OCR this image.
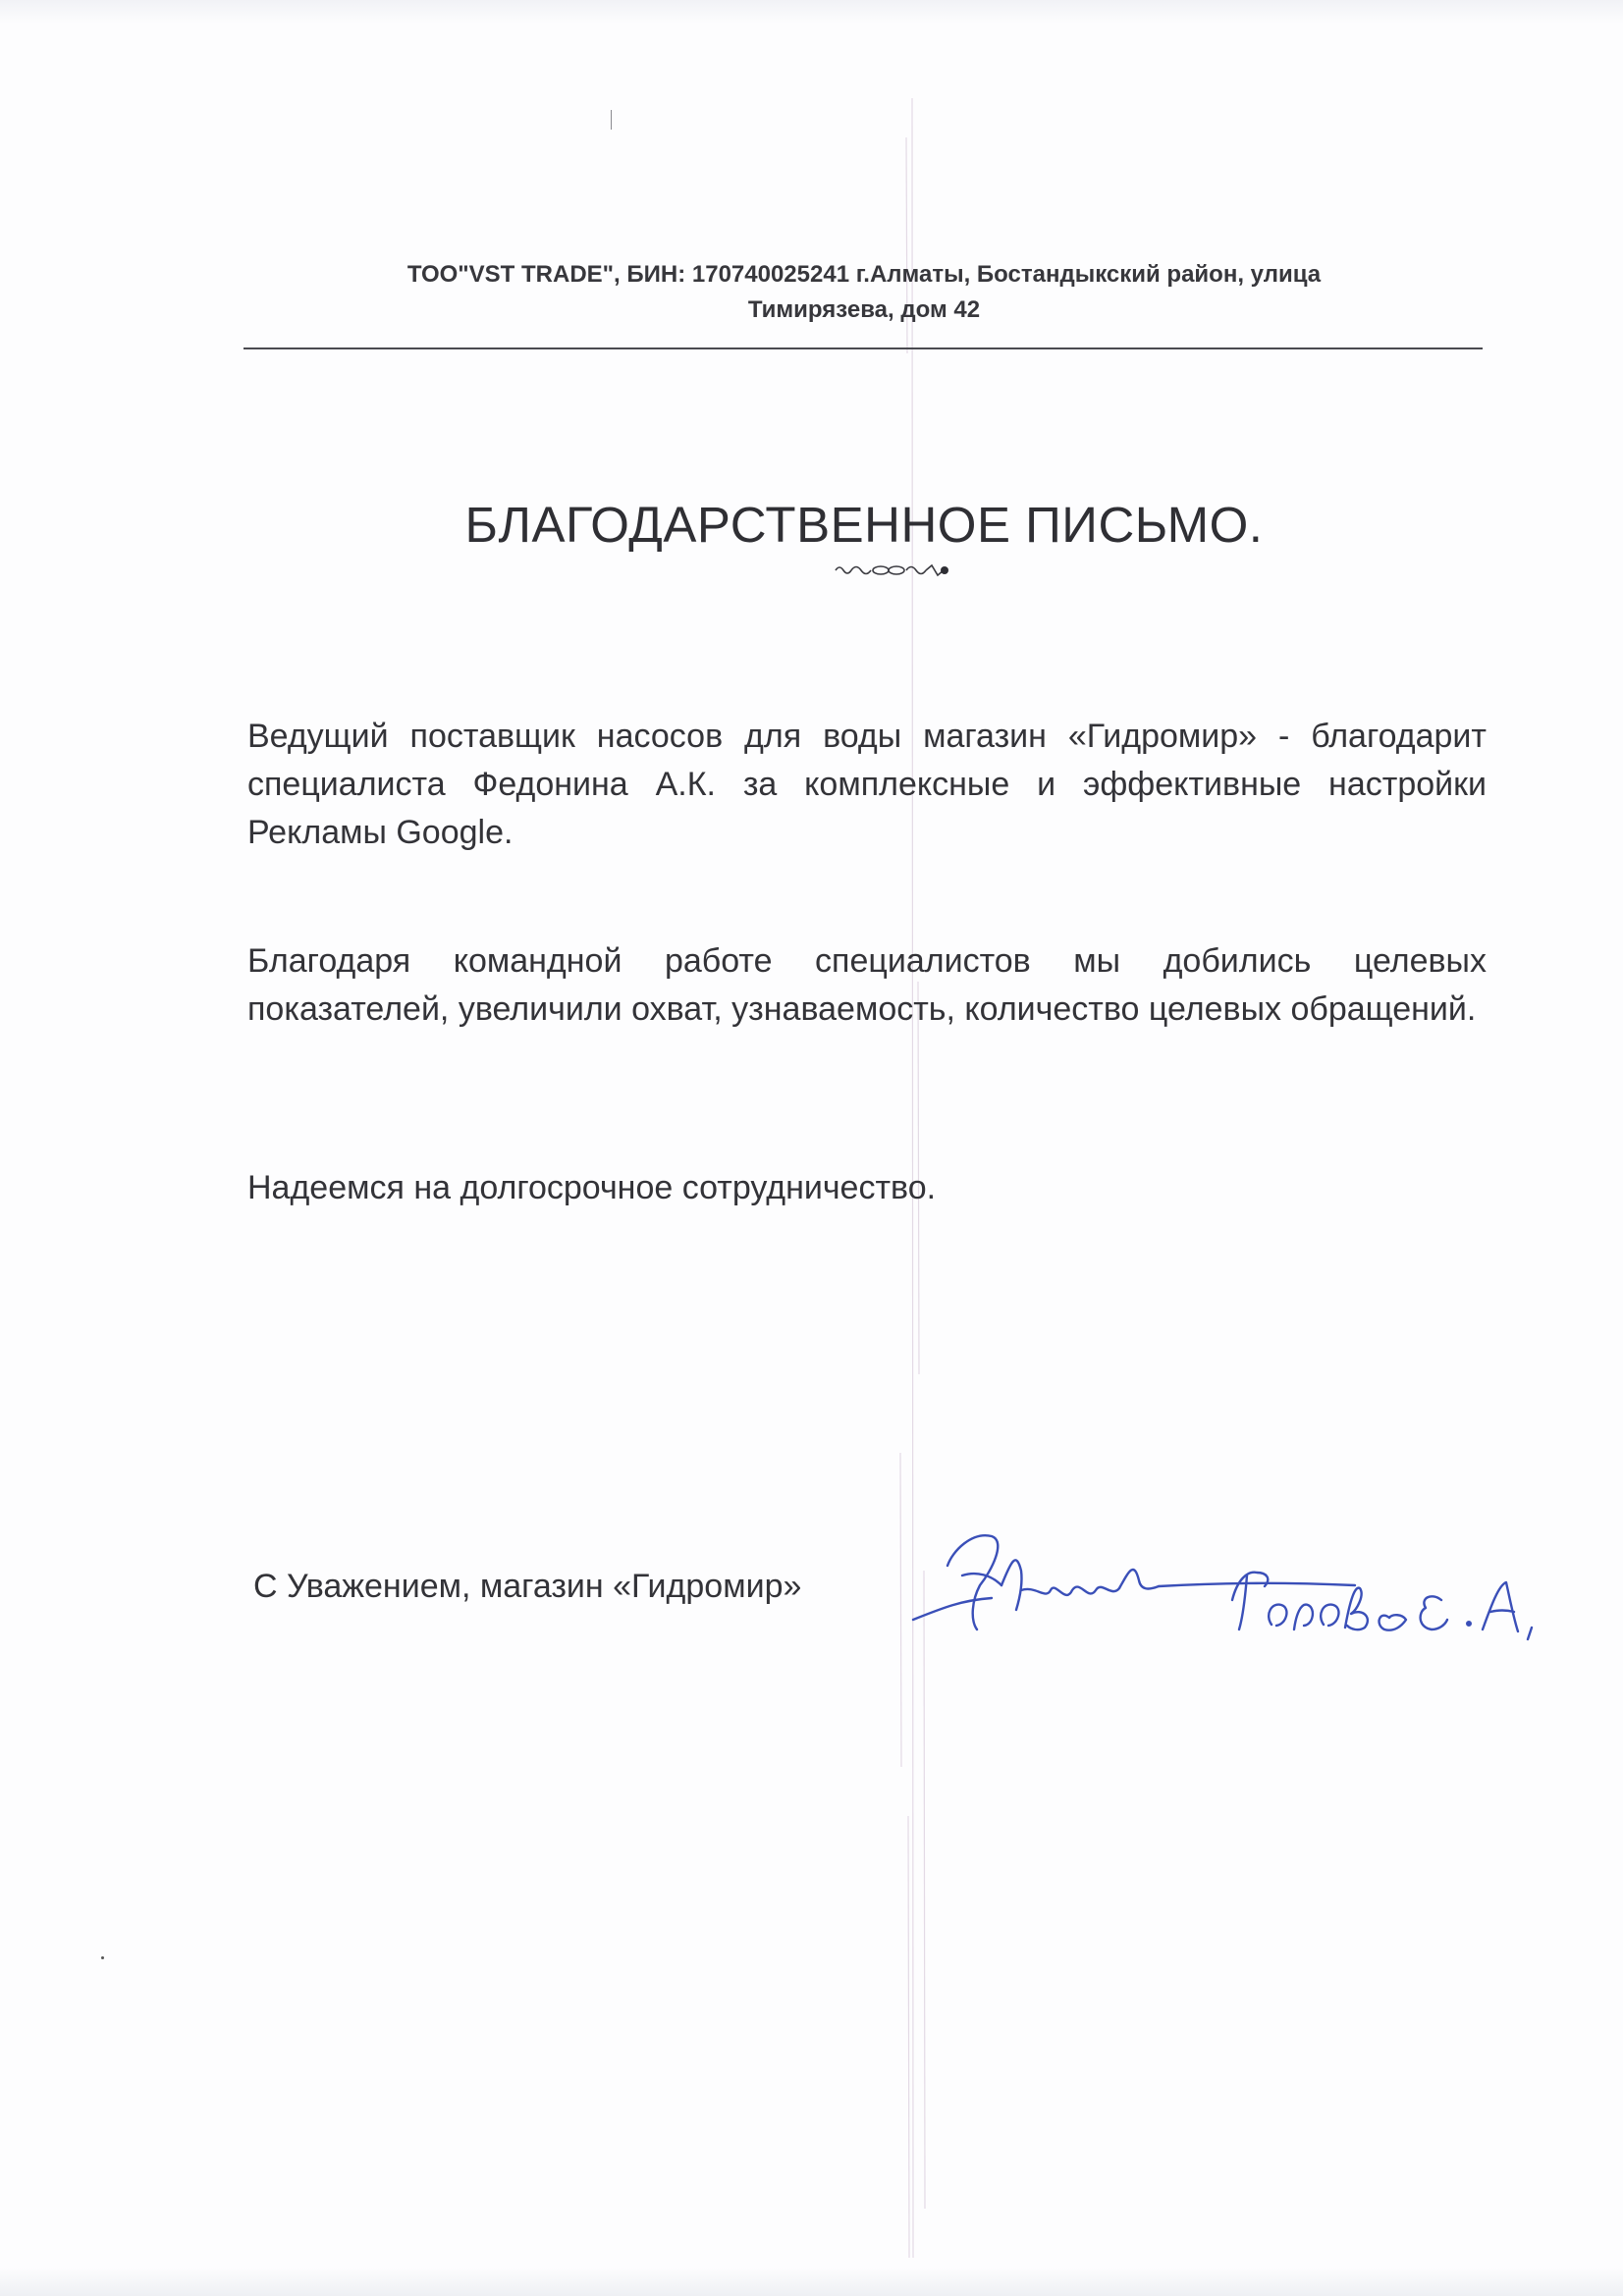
ТОО"VST TRADE", БИН: 170740025241 г.Алматы, Бостандыкский район, улица
Тимирязева, дом 42
БЛАГОДАРСТВЕННОЕ ПИСЬМО.
Ведущий поставщик насосов для воды магазин «Гидромир» - благодарит специалиста Федонина А.К. за комплексные и эффективные настройки Рекламы Google.
Благодаря командной работе специалистов мы добились целевых показателей, увеличили охват, узнаваемость, количество целевых обращений.
Надеемся на долгосрочное сотрудничество.
С Уважением, магазин «Гидромир»
